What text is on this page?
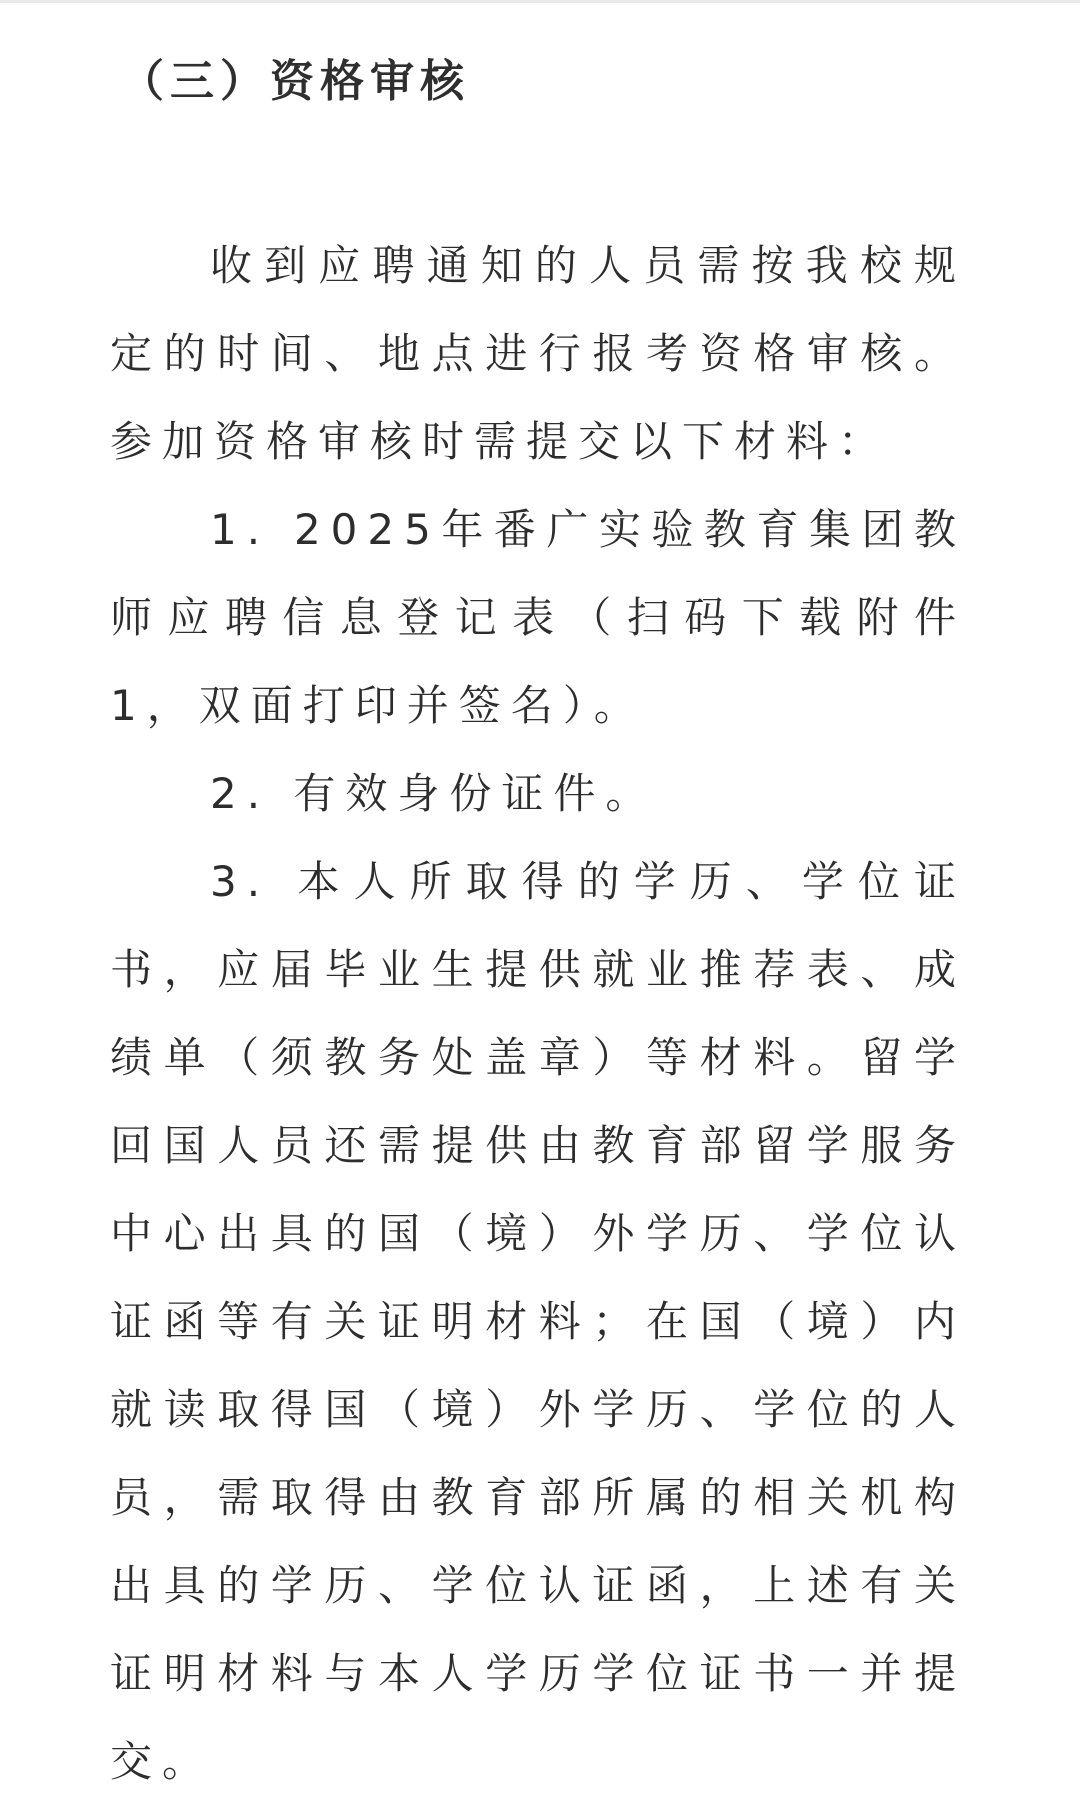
（三）资格审核

收到应聘通知的人员需按我校规定的时间、地点进行报考资格审核。参加资格审核时需提交以下材料：

1. 2025年番广实验教育集团教师应聘信息登记表（扫码下载附件1，双面打印并签名）。

2. 有效身份证件。

3. 本人所取得的学历、学位证书，应届毕业生提供就业推荐表、成绩单（须教务处盖章）等材料。留学回国人员还需提供由教育部留学服务中心出具的国（境）外学历、学位认证函等有关证明材料；在国（境）内就读取得国（境）外学历、学位的人员，需取得由教育部所属的相关机构出具的学历、学位认证函，上述有关证明材料与本人学历学位证书一并提交。
